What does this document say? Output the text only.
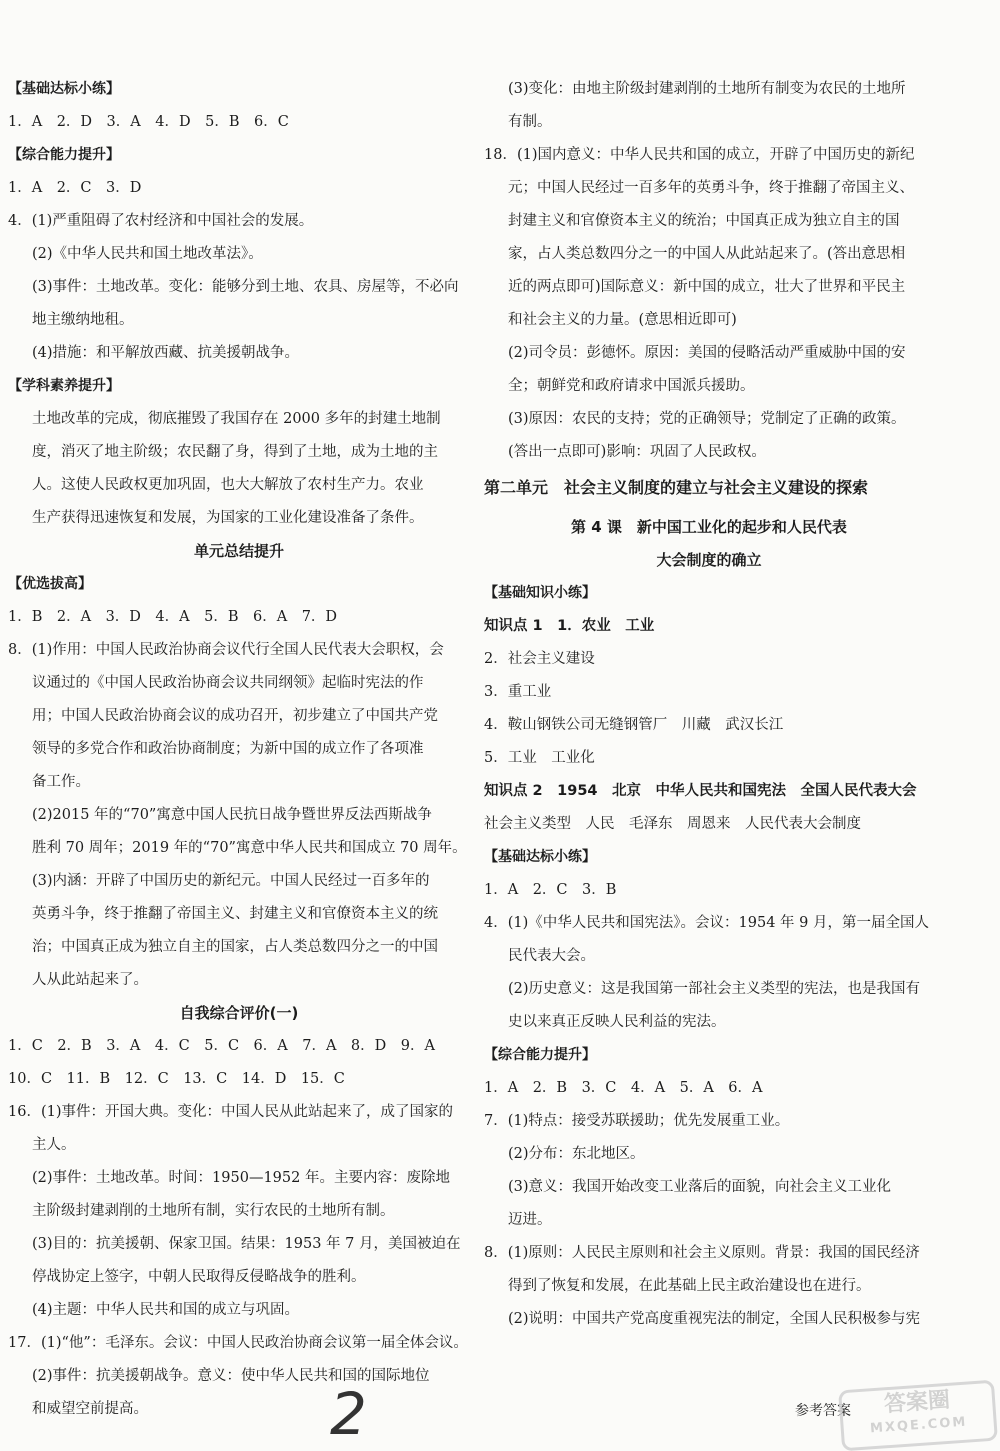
【基础达标小练】
1．A　2．D　3．A　4．D　5．B　6．C
【综合能力提升】
1．A　2．C　3．D
4．(1)严重阻碍了农村经济和中国社会的发展。
(2)《中华人民共和国土地改革法》。
(3)事件：土地改革。变化：能够分到土地、农具、房屋等，不必向
地主缴纳地租。
(4)措施：和平解放西藏、抗美援朝战争。
【学科素养提升】
土地改革的完成，彻底摧毁了我国存在 2000 多年的封建土地制
度，消灭了地主阶级；农民翻了身，得到了土地，成为土地的主
人。这使人民政权更加巩固，也大大解放了农村生产力。农业
生产获得迅速恢复和发展，为国家的工业化建设准备了条件。
单元总结提升
【优选拔高】
1．B　2．A　3．D　4．A　5．B　6．A　7．D
8．(1)作用：中国人民政治协商会议代行全国人民代表大会职权，会
议通过的《中国人民政治协商会议共同纲领》起临时宪法的作
用；中国人民政治协商会议的成功召开，初步建立了中国共产党
领导的多党合作和政治协商制度；为新中国的成立作了各项准
备工作。
(2)2015 年的“70”寓意中国人民抗日战争暨世界反法西斯战争
胜利 70 周年；2019 年的“70”寓意中华人民共和国成立 70 周年。
(3)内涵：开辟了中国历史的新纪元。中国人民经过一百多年的
英勇斗争，终于推翻了帝国主义、封建主义和官僚资本主义的统
治；中国真正成为独立自主的国家，占人类总数四分之一的中国
人从此站起来了。
自我综合评价(一)
1．C　2．B　3．A　4．C　5．C　6．A　7．A　8．D　9．A
10．C　11．B　12．C　13．C　14．D　15．C
16．(1)事件：开国大典。变化：中国人民从此站起来了，成了国家的
主人。
(2)事件：土地改革。时间：1950—1952 年。主要内容：废除地
主阶级封建剥削的土地所有制，实行农民的土地所有制。
(3)目的：抗美援朝、保家卫国。结果：1953 年 7 月，美国被迫在
停战协定上签字，中朝人民取得反侵略战争的胜利。
(4)主题：中华人民共和国的成立与巩固。
17．(1)“他”：毛泽东。会议：中国人民政治协商会议第一届全体会议。
(2)事件：抗美援朝战争。意义：使中华人民共和国的国际地位
和威望空前提高。
(3)变化：由地主阶级封建剥削的土地所有制变为农民的土地所
有制。
18．(1)国内意义：中华人民共和国的成立，开辟了中国历史的新纪
元；中国人民经过一百多年的英勇斗争，终于推翻了帝国主义、
封建主义和官僚资本主义的统治；中国真正成为独立自主的国
家，占人类总数四分之一的中国人从此站起来了。(答出意思相
近的两点即可)国际意义：新中国的成立，壮大了世界和平民主
和社会主义的力量。(意思相近即可)
(2)司令员：彭德怀。原因：美国的侵略活动严重威胁中国的安
全；朝鲜党和政府请求中国派兵援助。
(3)原因：农民的支持；党的正确领导；党制定了正确的政策。
(答出一点即可)影响：巩固了人民政权。
第二单元　社会主义制度的建立与社会主义建设的探索
第 4 课　新中国工业化的起步和人民代表
大会制度的确立
【基础知识小练】
知识点 1　1．农业　工业
2．社会主义建设
3．重工业
4．鞍山钢铁公司无缝钢管厂　川藏　武汉长江
5．工业　工业化
知识点 2　1954　北京　中华人民共和国宪法　全国人民代表大会
社会主义类型　人民　毛泽东　周恩来　人民代表大会制度
【基础达标小练】
1．A　2．C　3．B
4．(1)《中华人民共和国宪法》。会议：1954 年 9 月，第一届全国人
民代表大会。
(2)历史意义：这是我国第一部社会主义类型的宪法，也是我国有
史以来真正反映人民利益的宪法。
【综合能力提升】
1．A　2．B　3．C　4．A　5．A　6．A
7．(1)特点：接受苏联援助；优先发展重工业。
(2)分布：东北地区。
(3)意义：我国开始改变工业落后的面貌，向社会主义工业化
迈进。
8．(1)原则：人民民主原则和社会主义原则。背景：我国的国民经济
得到了恢复和发展，在此基础上民主政治建设也在进行。
(2)说明：中国共产党高度重视宪法的制定，全国人民积极参与宪
2	参考答案	答案圈
MXQE.COM
